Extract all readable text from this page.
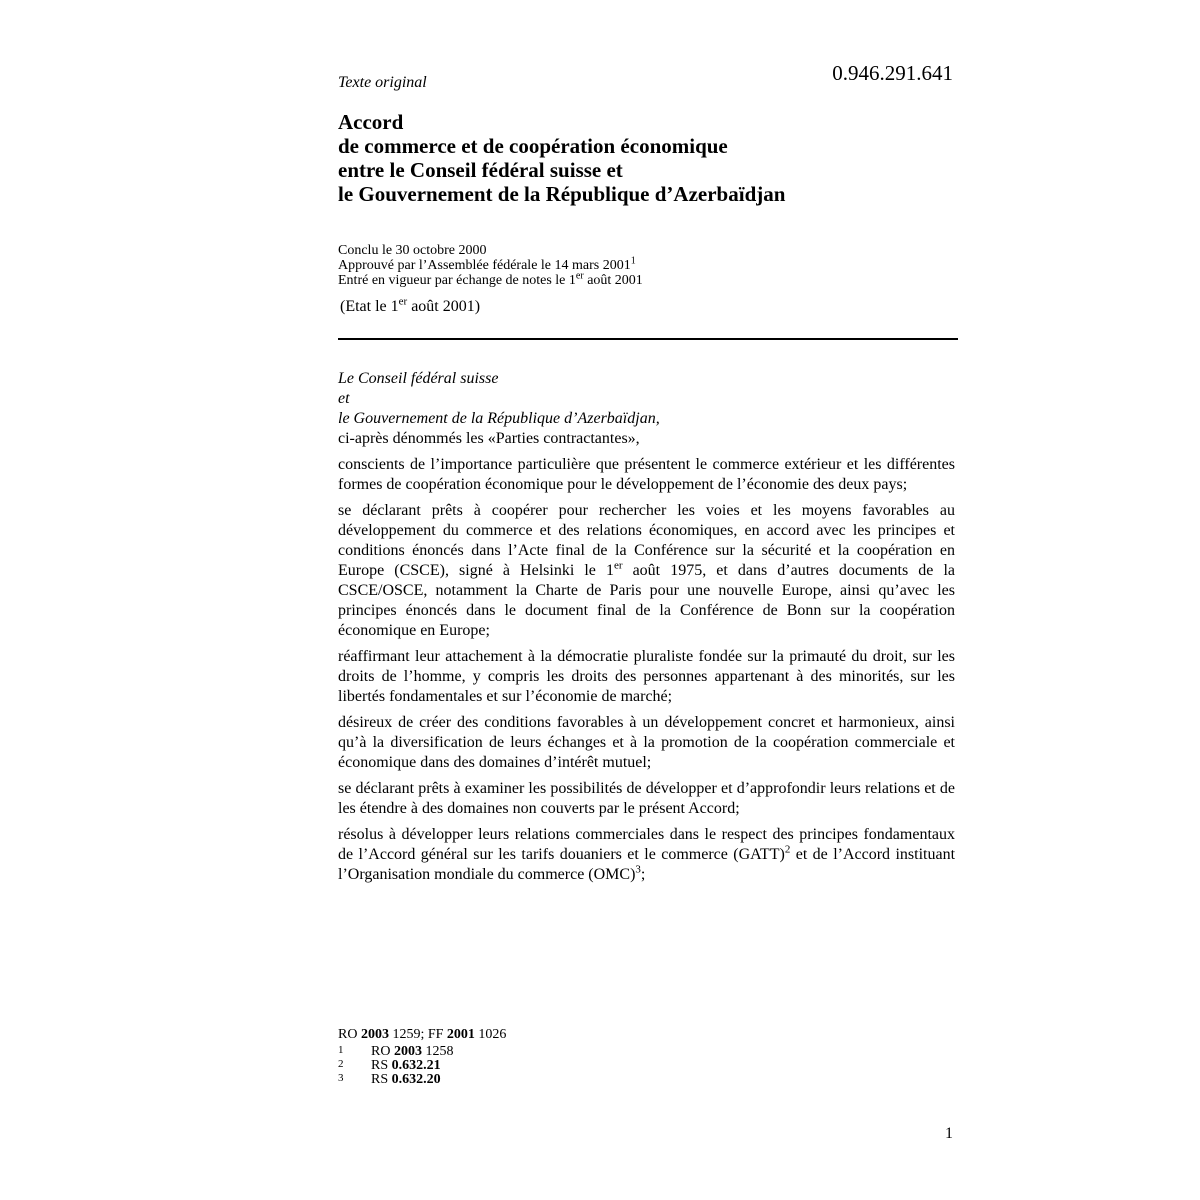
Texte original	0.946.291.641
Accord
de commerce et de coopération économique
entre le Conseil fédéral suisse et
le Gouvernement de la République d’Azerbaïdjan
Conclu le 30 octobre 2000
Approuvé par l’Assemblée fédérale le 14 mars 2001$^1$
Entré en vigueur par échange de notes le 1er août 2001
(Etat le 1er août 2001)

Le Conseil fédéral suisse

et

le Gouvernement de la République d’Azerbaïdjan,

ci-après dénommés les «Parties contractantes»,

conscients de l’importance particulière que présentent le commerce extérieur et les différentes formes de coopération économique pour le développement de l’économie des deux pays;

se déclarant prêts à coopérer pour rechercher les voies et les moyens favorables au développement du commerce et des relations économiques, en accord avec les principes et conditions énoncés dans l’Acte final de la Conférence sur la sécurité et la coopération en Europe (CSCE), signé à Helsinki le 1er août 1975, et dans d’autres documents de la CSCE/OSCE, notamment la Charte de Paris pour une nouvelle Europe, ainsi qu’avec les principes énoncés dans le document final de la Conférence de Bonn sur la coopération économique en Europe;

réaffirmant leur attachement à la démocratie pluraliste fondée sur la primauté du droit, sur les droits de l’homme, y compris les droits des personnes appartenant à des minorités, sur les libertés fondamentales et sur l’économie de marché;

désireux de créer des conditions favorables à un développement concret et harmonieux, ainsi qu’à la diversification de leurs échanges et à la promotion de la coopération commerciale et économique dans des domaines d’intérêt mutuel;

se déclarant prêts à examiner les possibilités de développer et d’approfondir leurs relations et de les étendre à des domaines non couverts par le présent Accord;

résolus à développer leurs relations commerciales dans le respect des principes fondamentaux de l’Accord général sur les tarifs douaniers et le commerce (GATT)$^2$ et de l’Accord instituant l’Organisation mondiale du commerce (OMC)$^3$;

RO 2003 1259; FF 2001 1026
1	RO 2003 1258
2	RS 0.632.21
3	RS 0.632.20
1
